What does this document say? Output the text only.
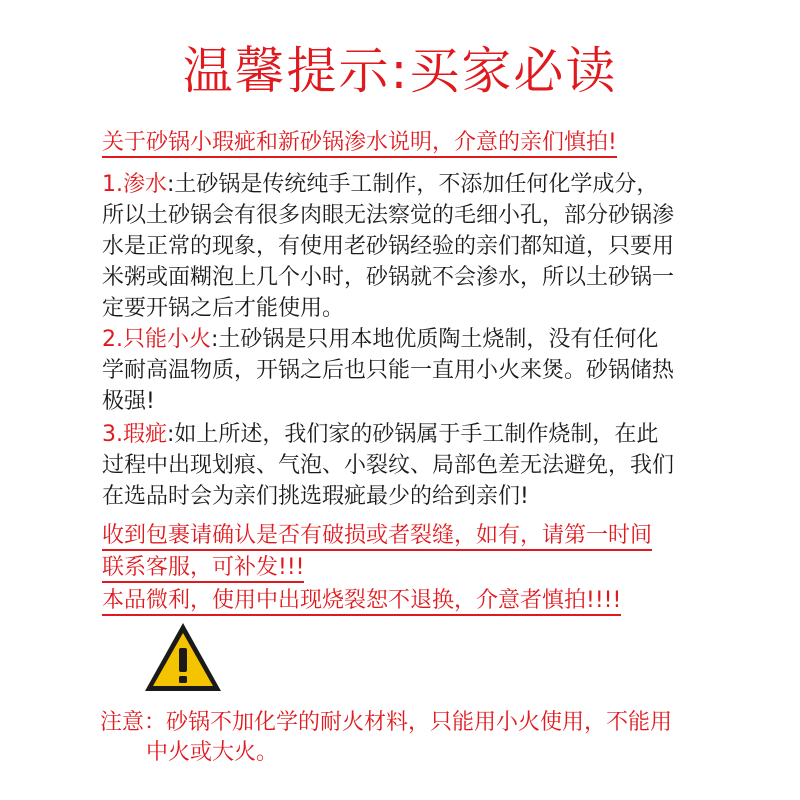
温馨提示:买家必读
关于砂锅小瑕疵和新砂锅渗水说明，介意的亲们慎拍!
1.渗水:土砂锅是传统纯手工制作，不添加任何化学成分，
所以土砂锅会有很多肉眼无法察觉的毛细小孔，部分砂锅渗
水是正常的现象，有使用老砂锅经验的亲们都知道，只要用
米粥或面糊泡上几个小时，砂锅就不会渗水，所以土砂锅一
定要开锅之后才能使用。
2.只能小火:土砂锅是只用本地优质陶土烧制，没有任何化
学耐高温物质，开锅之后也只能一直用小火来煲。砂锅储热
极强!
3.瑕疵:如上所述，我们家的砂锅属于手工制作烧制，在此
过程中出现划痕、气泡、小裂纹、局部色差无法避免，我们
在选品时会为亲们挑选瑕疵最少的给到亲们!
收到包裹请确认是否有破损或者裂缝，如有，请第一时间
联系客服，可补发!!!
本品微利，使用中出现烧裂恕不退换，介意者慎拍!!!!
注意：砂锅不加化学的耐火材料，只能用小火使用，不能用
中火或大火。
